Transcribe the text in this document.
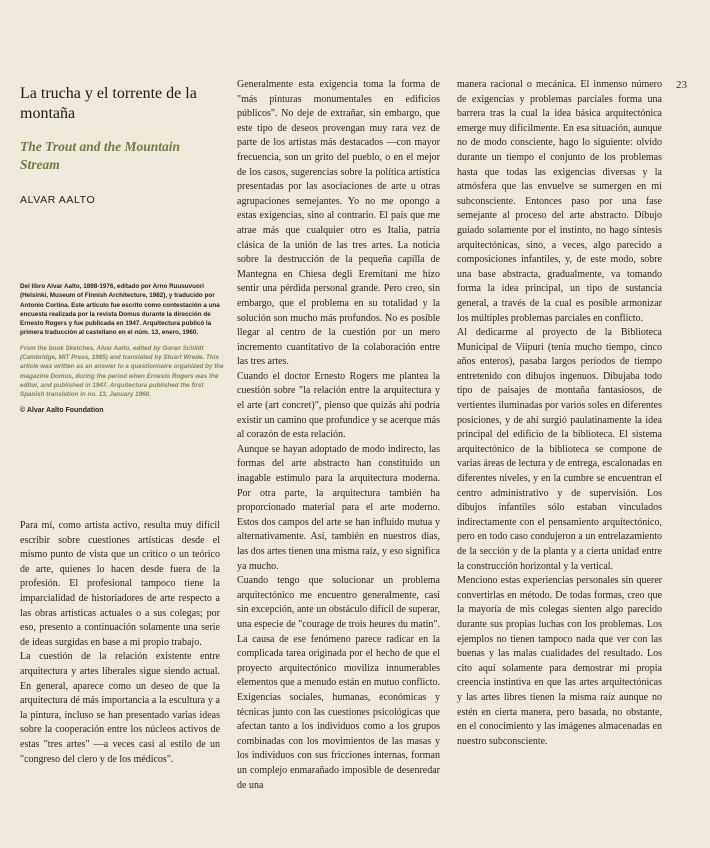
23
La trucha y el torrente de la montaña
The Trout and the Mountain Stream
ALVAR AALTO

Del libro Alvar Aalto, 1898-1976, editado por Arno Ruusuvuori (Helsinki, Museum of Finnish Architecture, 1982), y traducido por Antonio Cortina. Este artículo fue escrito como contestación a una encuesta realizada por la revista Domus durante la dirección de Ernesto Rogers y fue publicada en 1947. Arquitectura publicó la primera traducción al castellano en el núm. 13, enero, 1960.

From the book Sketches, Alvar Aalto, edited by Goran Schildt (Cambridge, MIT Press, 1985) and translated by Stuart Wrede. This article was written as an answer to a questionnaire organized by the magazine Domus, during the period when Ernesto Rogers was the editor, and published in 1947. Arquitectura published the first Spanish translation in no. 13, January 1960.

© Alvar Aalto Foundation

Para mí, como artista activo, resulta muy difícil escribir sobre cuestiones artísticas desde el mismo punto de vista que un crítico o un teórico de arte, quienes lo hacen desde fuera de la profesión. El profesional tampoco tiene la imparcialidad de historiadores de arte respecto a las obras artísticas actuales o a sus colegas; por eso, presento a continuación solamente una serie de ideas surgidas en base a mi propio trabajo.

La cuestión de la relación existente entre arquitectura y artes liberales sigue siendo actual. En general, aparece como un deseo de que la arquitectura dé más importancia a la escultura y a la pintura, incluso se han presentado varias ideas sobre la cooperación entre los núcleos activos de estas "tres artes" —a veces casi al estilo de un "congreso del clero y de los médicos".

Generalmente esta exigencia toma la forma de "más pinturas monumentales en edificios públicos". No deje de extrañar, sin embargo, que este tipo de deseos provengan muy rara vez de parte de los artistas más destacados —con mayor frecuencia, son un grito del pueblo, o en el mejor de los casos, sugerencias sobre la política artística presentadas por las asociaciones de arte u otras agrupaciones semejantes. Yo no me opongo a estas exigencias, sino al contrario. El país que me atrae más que cualquier otro es Italia, patria clásica de la unión de las tres artes. La noticia sobre la destrucción de la pequeña capilla de Mantegna en Chiesa degli Eremitani me hizo sentir una pérdida personal grande. Pero creo, sin embargo, que el problema en su totalidad y la solución son mucho más profundos. No es posible llegar al centro de la cuestión por un mero incremento cuantitativo de la colaboración entre las tres artes.

Cuando el doctor Ernesto Rogers me plantea la cuestión sobre "la relación entre la arquitectura y el arte (art concret)", pienso que quizás ahí podría existir un camino que profundice y se acerque más al corazón de esta relación.

Aunque se hayan adoptado de modo indirecto, las formas del arte abstracto han constituido un inagable estímulo para la arquitectura moderna. Por otra parte, la arquitectura también ha proporcionado material para el arte moderno. Estos dos campos del arte se han influido mutua y alternativamente. Así, también en nuestros días, las dos artes tienen una misma raíz, y eso significa ya mucho.

Cuando tengo que solucionar un problema arquitectónico me encuentro generalmente, casi sin excepción, ante un obstáculo difícil de superar, una especie de "courage de trois heures du matin". La causa de ese fenómeno parece radicar en la complicada tarea originada por el hecho de que el proyecto arquitectónico moviliza innumerables elementos que a menudo están en mutuo conflicto. Exigencias sociales, humanas, económicas y técnicas junto con las cuestiones psicológicas que afectan tanto a los individuos como a los grupos combinadas con los movimientos de las masas y los individuos con sus fricciones internas, forman un complejo enmarañado imposible de desenredar de una

manera racional o mecánica. El inmenso número de exigencias y problemas parciales forma una barrera tras la cual la idea básica arquitectónica emerge muy difícilmente. En esa situación, aunque no de modo consciente, hago lo siguiente: olvido durante un tiempo el conjunto de los problemas hasta que todas las exigencias diversas y la atmósfera que las envuelve se sumergen en mi subconsciente. Entonces paso por una fase semejante al proceso del arte abstracto. Dibujo guiado solamente por el instinto, no hago síntesis arquitectónicas, sino, a veces, algo parecido a composiciones infantiles, y, de este modo, sobre una base abstracta, gradualmente, va tomando forma la idea principal, un tipo de sustancia general, a través de la cual es posible armonizar los múltiples problemas parciales en conflicto.

Al dedicarme al proyecto de la Biblioteca Municipal de Viipuri (tenía mucho tiempo, cinco años enteros), pasaba largos períodos de tiempo entretenido con dibujos ingenuos. Dibujaba todo tipo de paisajes de montaña fantasiosos, de vertientes iluminadas por varios soles en diferentes posiciones, y de ahí surgió paulatinamente la idea principal del edificio de la biblioteca. El sistema arquitectónico de la biblioteca se compone de varias áreas de lectura y de entrega, escalonadas en diferentes niveles, y en la cumbre se encuentran el centro administrativo y de supervisión. Los dibujos infantiles sólo estaban vinculados indirectamente con el pensamiento arquitectónico, pero en todo caso condujeron a un entrelazamiento de la sección y de la planta y a cierta unidad entre la construcción horizontal y la vertical.

Menciono estas experiencias personales sin querer convertirlas en método. De todas formas, creo que la mayoría de mis colegas sienten algo parecido durante sus propias luchas con los problemas. Los ejemplos no tienen tampoco nada que ver con las buenas y las malas cualidades del resultado. Los cito aquí solamente para demostrar mi propia creencia instintiva en que las artes arquitectónicas y las artes libres tienen la misma raíz aunque no estén en cierta manera, pero basada, no obstante, en el conocimiento y las imágenes almacenadas en nuestro subconsciente.
